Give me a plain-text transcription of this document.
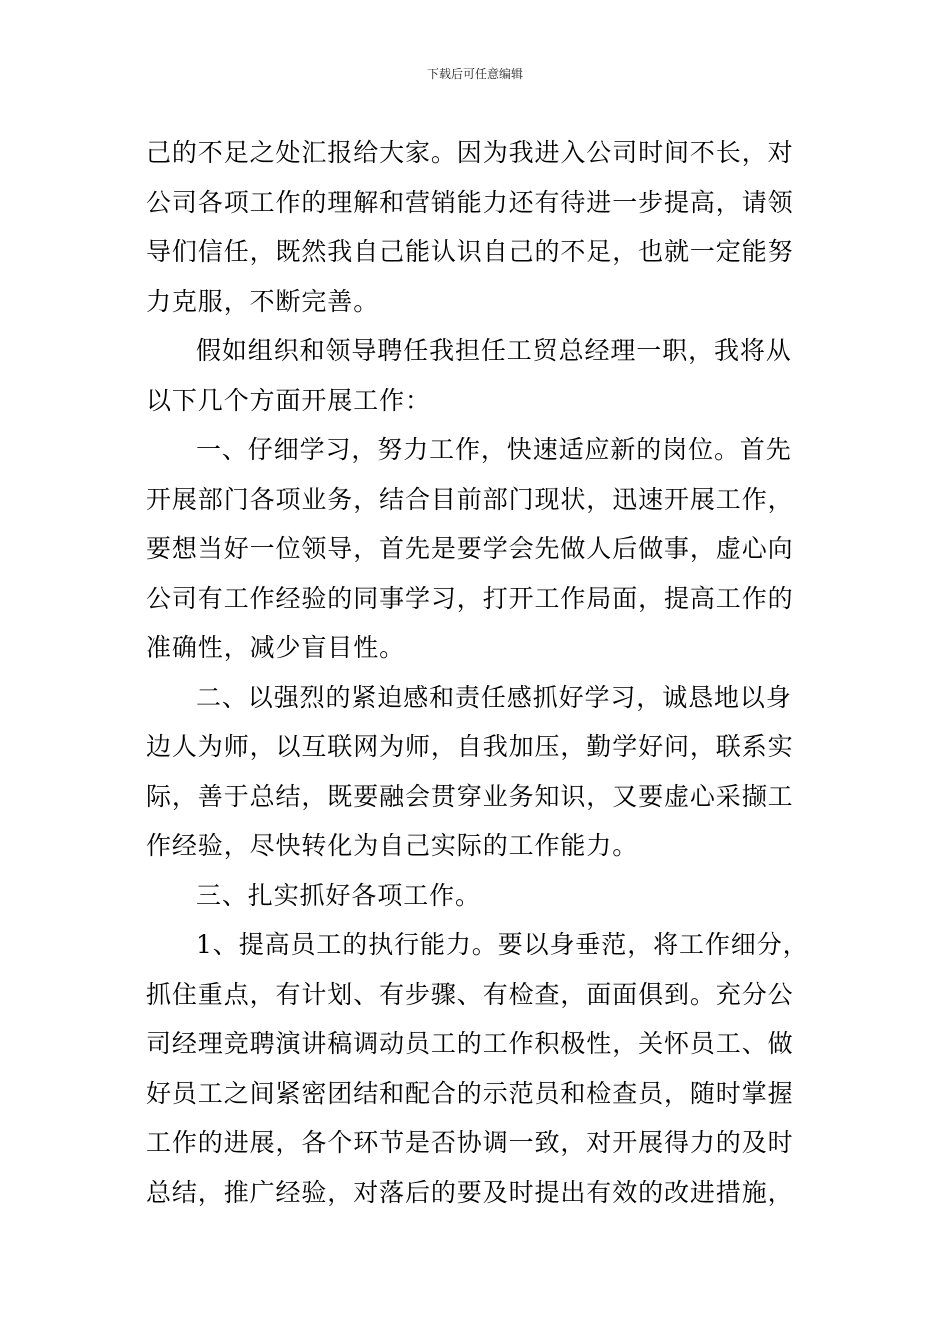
下载后可任意编辑
己的不足之处汇报给大家。因为我进入公司时间不长，对
公司各项工作的理解和营销能力还有待进一步提高，请领
导们信任，既然我自己能认识自己的不足，也就一定能努
力克服，不断完善。
假如组织和领导聘任我担任工贸总经理一职，我将从
以下几个方面开展工作：
一、仔细学习，努力工作，快速适应新的岗位。首先
开展部门各项业务，结合目前部门现状，迅速开展工作，
要想当好一位领导，首先是要学会先做人后做事，虚心向
公司有工作经验的同事学习，打开工作局面，提高工作的
准确性，减少盲目性。
二、以强烈的紧迫感和责任感抓好学习，诚恳地以身
边人为师，以互联网为师，自我加压，勤学好问，联系实
际，善于总结，既要融会贯穿业务知识，又要虚心采撷工
作经验，尽快转化为自己实际的工作能力。
三、扎实抓好各项工作。
1、提高员工的执行能力。要以身垂范，将工作细分，
抓住重点，有计划、有步骤、有检查，面面俱到。充分公
司经理竞聘演讲稿调动员工的工作积极性，关怀员工、做
好员工之间紧密团结和配合的示范员和检查员，随时掌握
工作的进展，各个环节是否协调一致，对开展得力的及时
总结，推广经验，对落后的要及时提出有效的改进措施，
